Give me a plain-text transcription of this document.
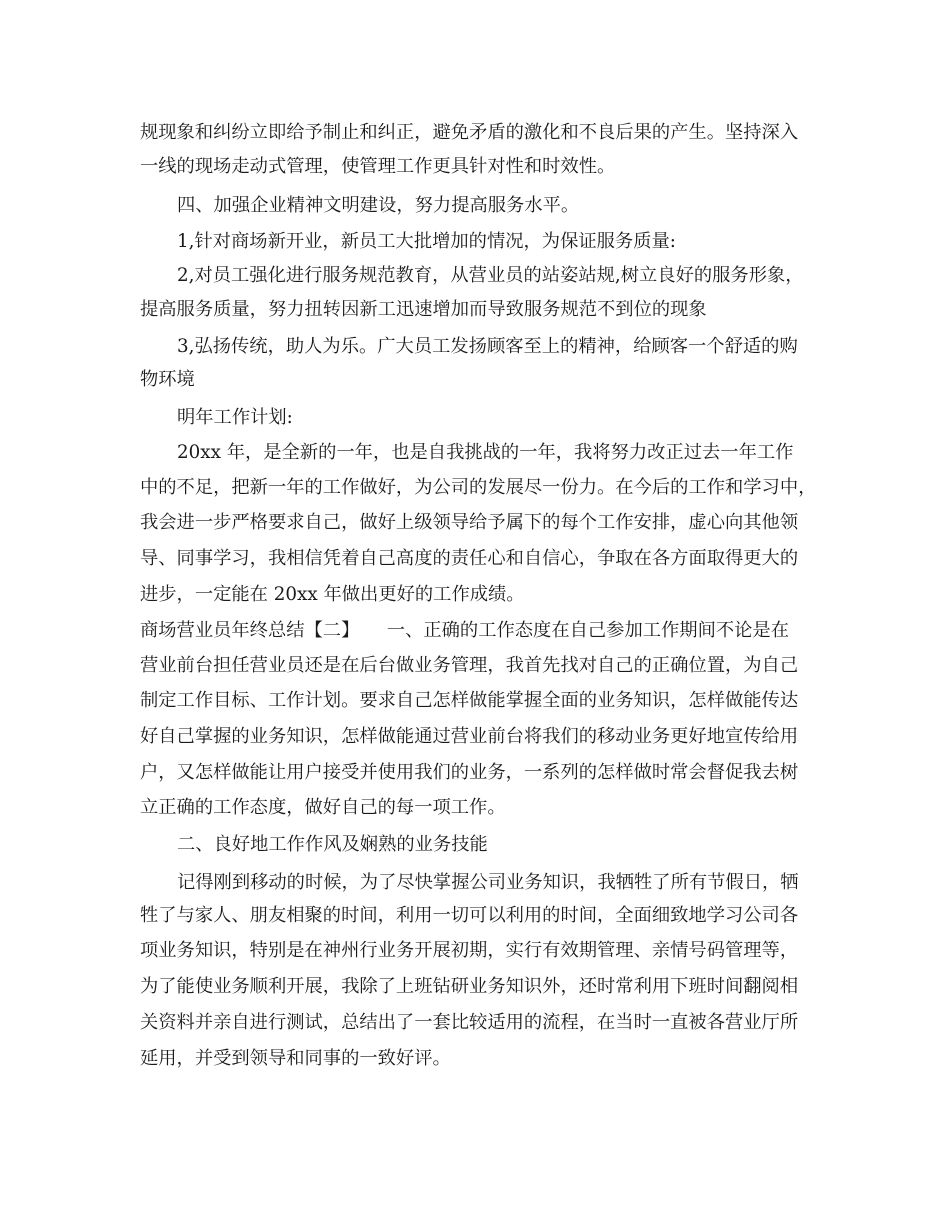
规现象和纠纷立即给予制止和纠正，避免矛盾的激化和不良后果的产生。坚持深入

一线的现场走动式管理，使管理工作更具针对性和时效性。

四、加强企业精神文明建设，努力提高服务水平。

1,针对商场新开业，新员工大批增加的情况，为保证服务质量:

2,对员工强化进行服务规范教育，从营业员的站姿站规,树立良好的服务形象，

提高服务质量，努力扭转因新工迅速增加而导致服务规范不到位的现象

3,弘扬传统，助人为乐。广大员工发扬顾客至上的精神，给顾客一个舒适的购

物环境

明年工作计划:

20xx 年，是全新的一年，也是自我挑战的一年，我将努力改正过去一年工作

中的不足，把新一年的工作做好，为公司的发展尽一份力。在今后的工作和学习中，

我会进一步严格要求自己，做好上级领导给予属下的每个工作安排，虚心向其他领

导、同事学习，我相信凭着自己高度的责任心和自信心，争取在各方面取得更大的

进步，一定能在 20xx 年做出更好的工作成绩。

商场营业员年终总结【二】　　一、正确的工作态度在自己参加工作期间不论是在

营业前台担任营业员还是在后台做业务管理，我首先找对自己的正确位置，为自己

制定工作目标、工作计划。要求自己怎样做能掌握全面的业务知识，怎样做能传达

好自己掌握的业务知识，怎样做能通过营业前台将我们的移动业务更好地宣传给用

户，又怎样做能让用户接受并使用我们的业务，一系列的怎样做时常会督促我去树

立正确的工作态度，做好自己的每一项工作。

二、良好地工作作风及娴熟的业务技能

记得刚到移动的时候，为了尽快掌握公司业务知识，我牺牲了所有节假日，牺

牲了与家人、朋友相聚的时间，利用一切可以利用的时间，全面细致地学习公司各

项业务知识，特别是在神州行业务开展初期，实行有效期管理、亲情号码管理等，

为了能使业务顺利开展，我除了上班钻研业务知识外，还时常利用下班时间翻阅相

关资料并亲自进行测试，总结出了一套比较适用的流程，在当时一直被各营业厅所

延用，并受到领导和同事的一致好评。
